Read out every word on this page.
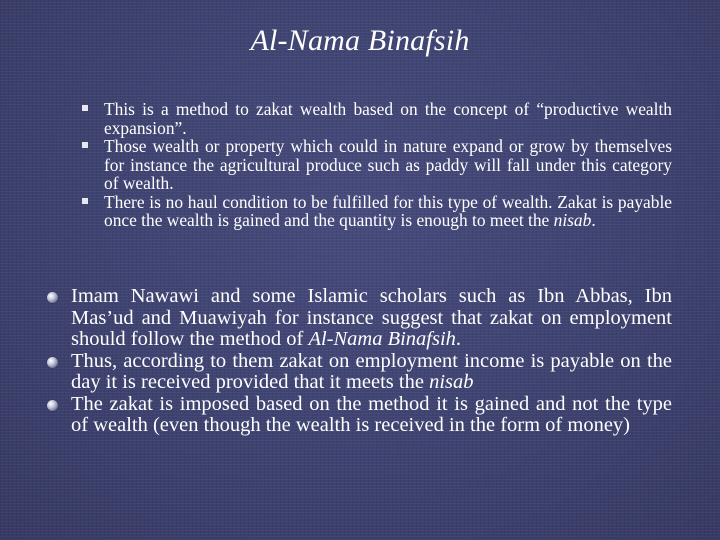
Al-Nama Binafsih
This is a method to zakat wealth based on the concept of “productive wealth expansion”.
Those wealth or property which could in nature expand or grow by themselves for instance the agricultural produce such as paddy will fall under this category of wealth.
There is no haul condition to be fulfilled for this type of wealth. Zakat is payable once the wealth is gained and the quantity is enough to meet the nisab.
Imam Nawawi and some Islamic scholars such as Ibn Abbas, Ibn Mas’ud and Muawiyah for instance suggest that zakat on employment should follow the method of Al-Nama Binafsih.
Thus, according to them zakat on employment income is payable on the day it is received provided that it meets the nisab
The zakat is imposed based on the method it is gained and not the type of wealth (even though the wealth is received in the form of money)
